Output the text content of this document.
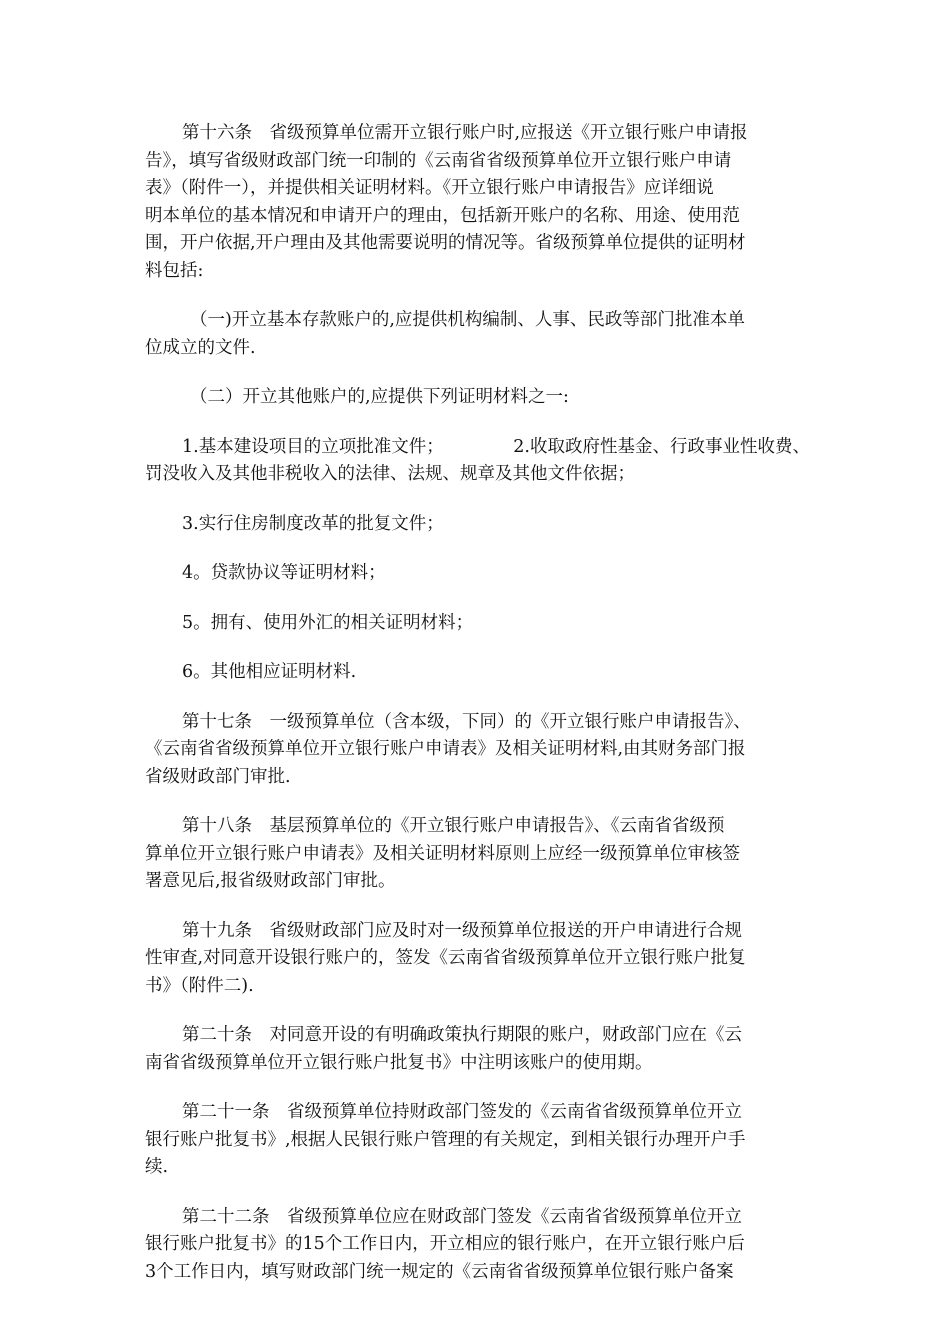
第十六条　省级预算单位需开立银行账户时,应报送《开立银行账户申请报
告》，填写省级财政部门统一印制的《云南省省级预算单位开立银行账户申请
表》（附件一），并提供相关证明材料。《开立银行账户申请报告》应详细说
明本单位的基本情况和申请开户的理由，包括新开账户的名称、用途、使用范
围，开户依据,开户理由及其他需要说明的情况等。省级预算单位提供的证明材
料包括:
（一)开立基本存款账户的,应提供机构编制、人事、民政等部门批准本单
位成立的文件.
（二）开立其他账户的,应提供下列证明材料之一:
1.基本建设项目的立项批准文件；	2.收取政府性基金、行政事业性收费、
罚没收入及其他非税收入的法律、法规、规章及其他文件依据；
3.实行住房制度改革的批复文件；
4。贷款协议等证明材料；
5。拥有、使用外汇的相关证明材料；
6。其他相应证明材料.
第十七条　一级预算单位（含本级，下同）的《开立银行账户申请报告》、
《云南省省级预算单位开立银行账户申请表》及相关证明材料,由其财务部门报
省级财政部门审批.
第十八条　基层预算单位的《开立银行账户申请报告》、《云南省省级预
算单位开立银行账户申请表》及相关证明材料原则上应经一级预算单位审核签
署意见后,报省级财政部门审批。
第十九条　省级财政部门应及时对一级预算单位报送的开户申请进行合规
性审查,对同意开设银行账户的，签发《云南省省级预算单位开立银行账户批复
书》（附件二).
第二十条　对同意开设的有明确政策执行期限的账户，财政部门应在《云
南省省级预算单位开立银行账户批复书》中注明该账户的使用期。
第二十一条　省级预算单位持财政部门签发的《云南省省级预算单位开立
银行账户批复书》,根据人民银行账户管理的有关规定，到相关银行办理开户手
续.
第二十二条　省级预算单位应在财政部门签发《云南省省级预算单位开立
银行账户批复书》的15个工作日内，开立相应的银行账户，在开立银行账户后
3个工作日内，填写财政部门统一规定的《云南省省级预算单位银行账户备案
